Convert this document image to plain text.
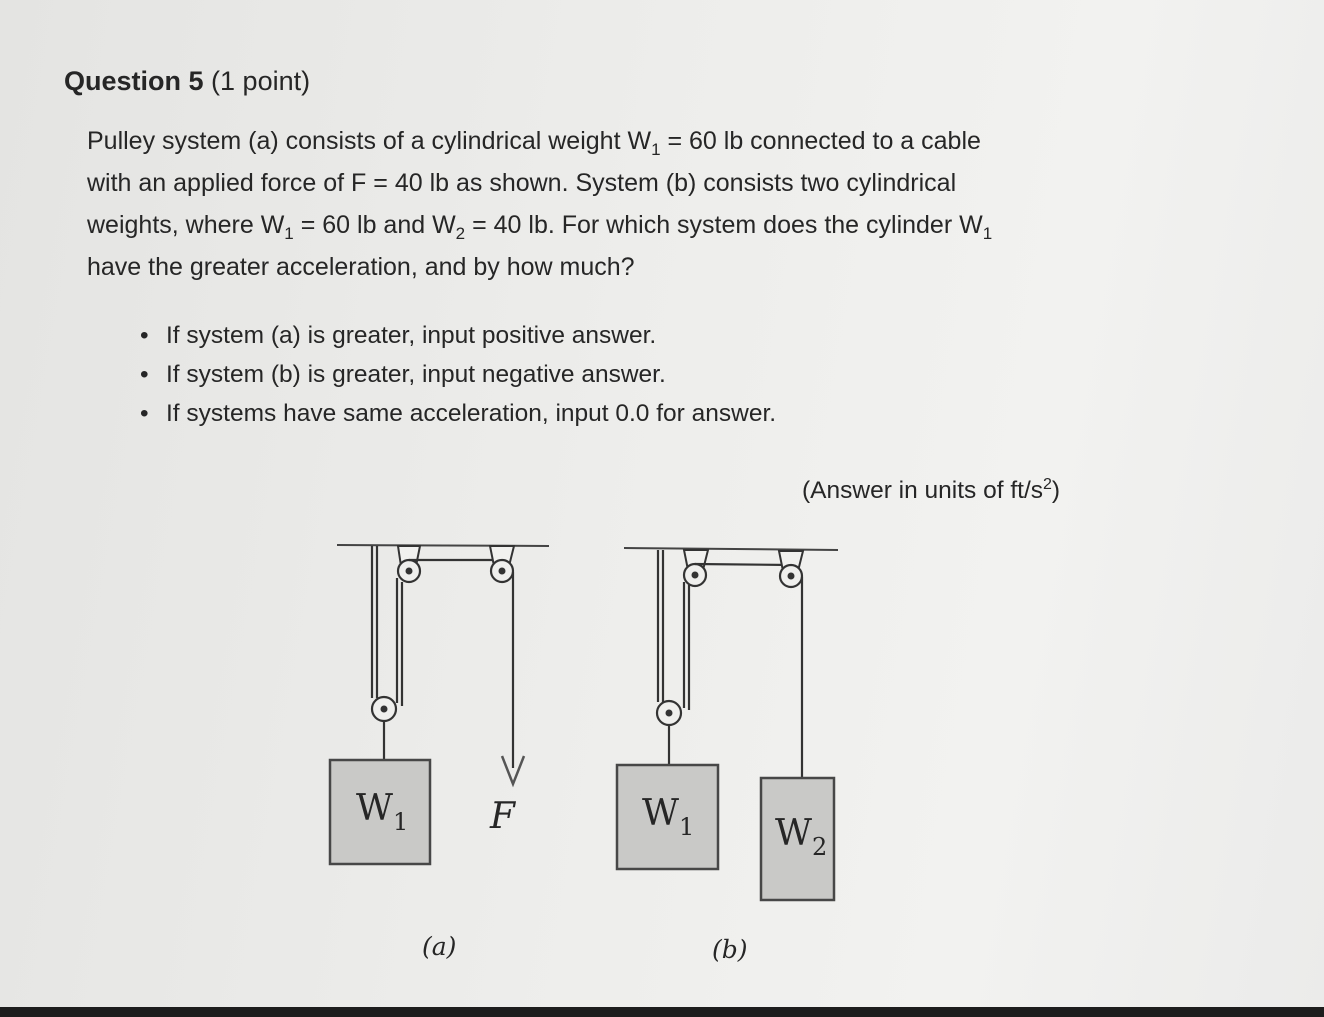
Question 5 (1 point)

Pulley system (a) consists of a cylindrical weight $W_1 = 60$ lb connected to a cable

with an applied force of F = 40 lb as shown. System (b) consists two cylindrical

weights, where $W_1 = 60$ lb and $W_2 = 40$ lb. For which system does the cylinder $W_1$

have the greater acceleration, and by how much?

• If system (a) is greater, input positive answer.
• If system (b) is greater, input negative answer.
• If systems have same acceleration, input 0.0 for answer.
(Answer in units of $ft/s^2$)
$W_1$ F
(a)
$W_1$ $W_2$
(b)
